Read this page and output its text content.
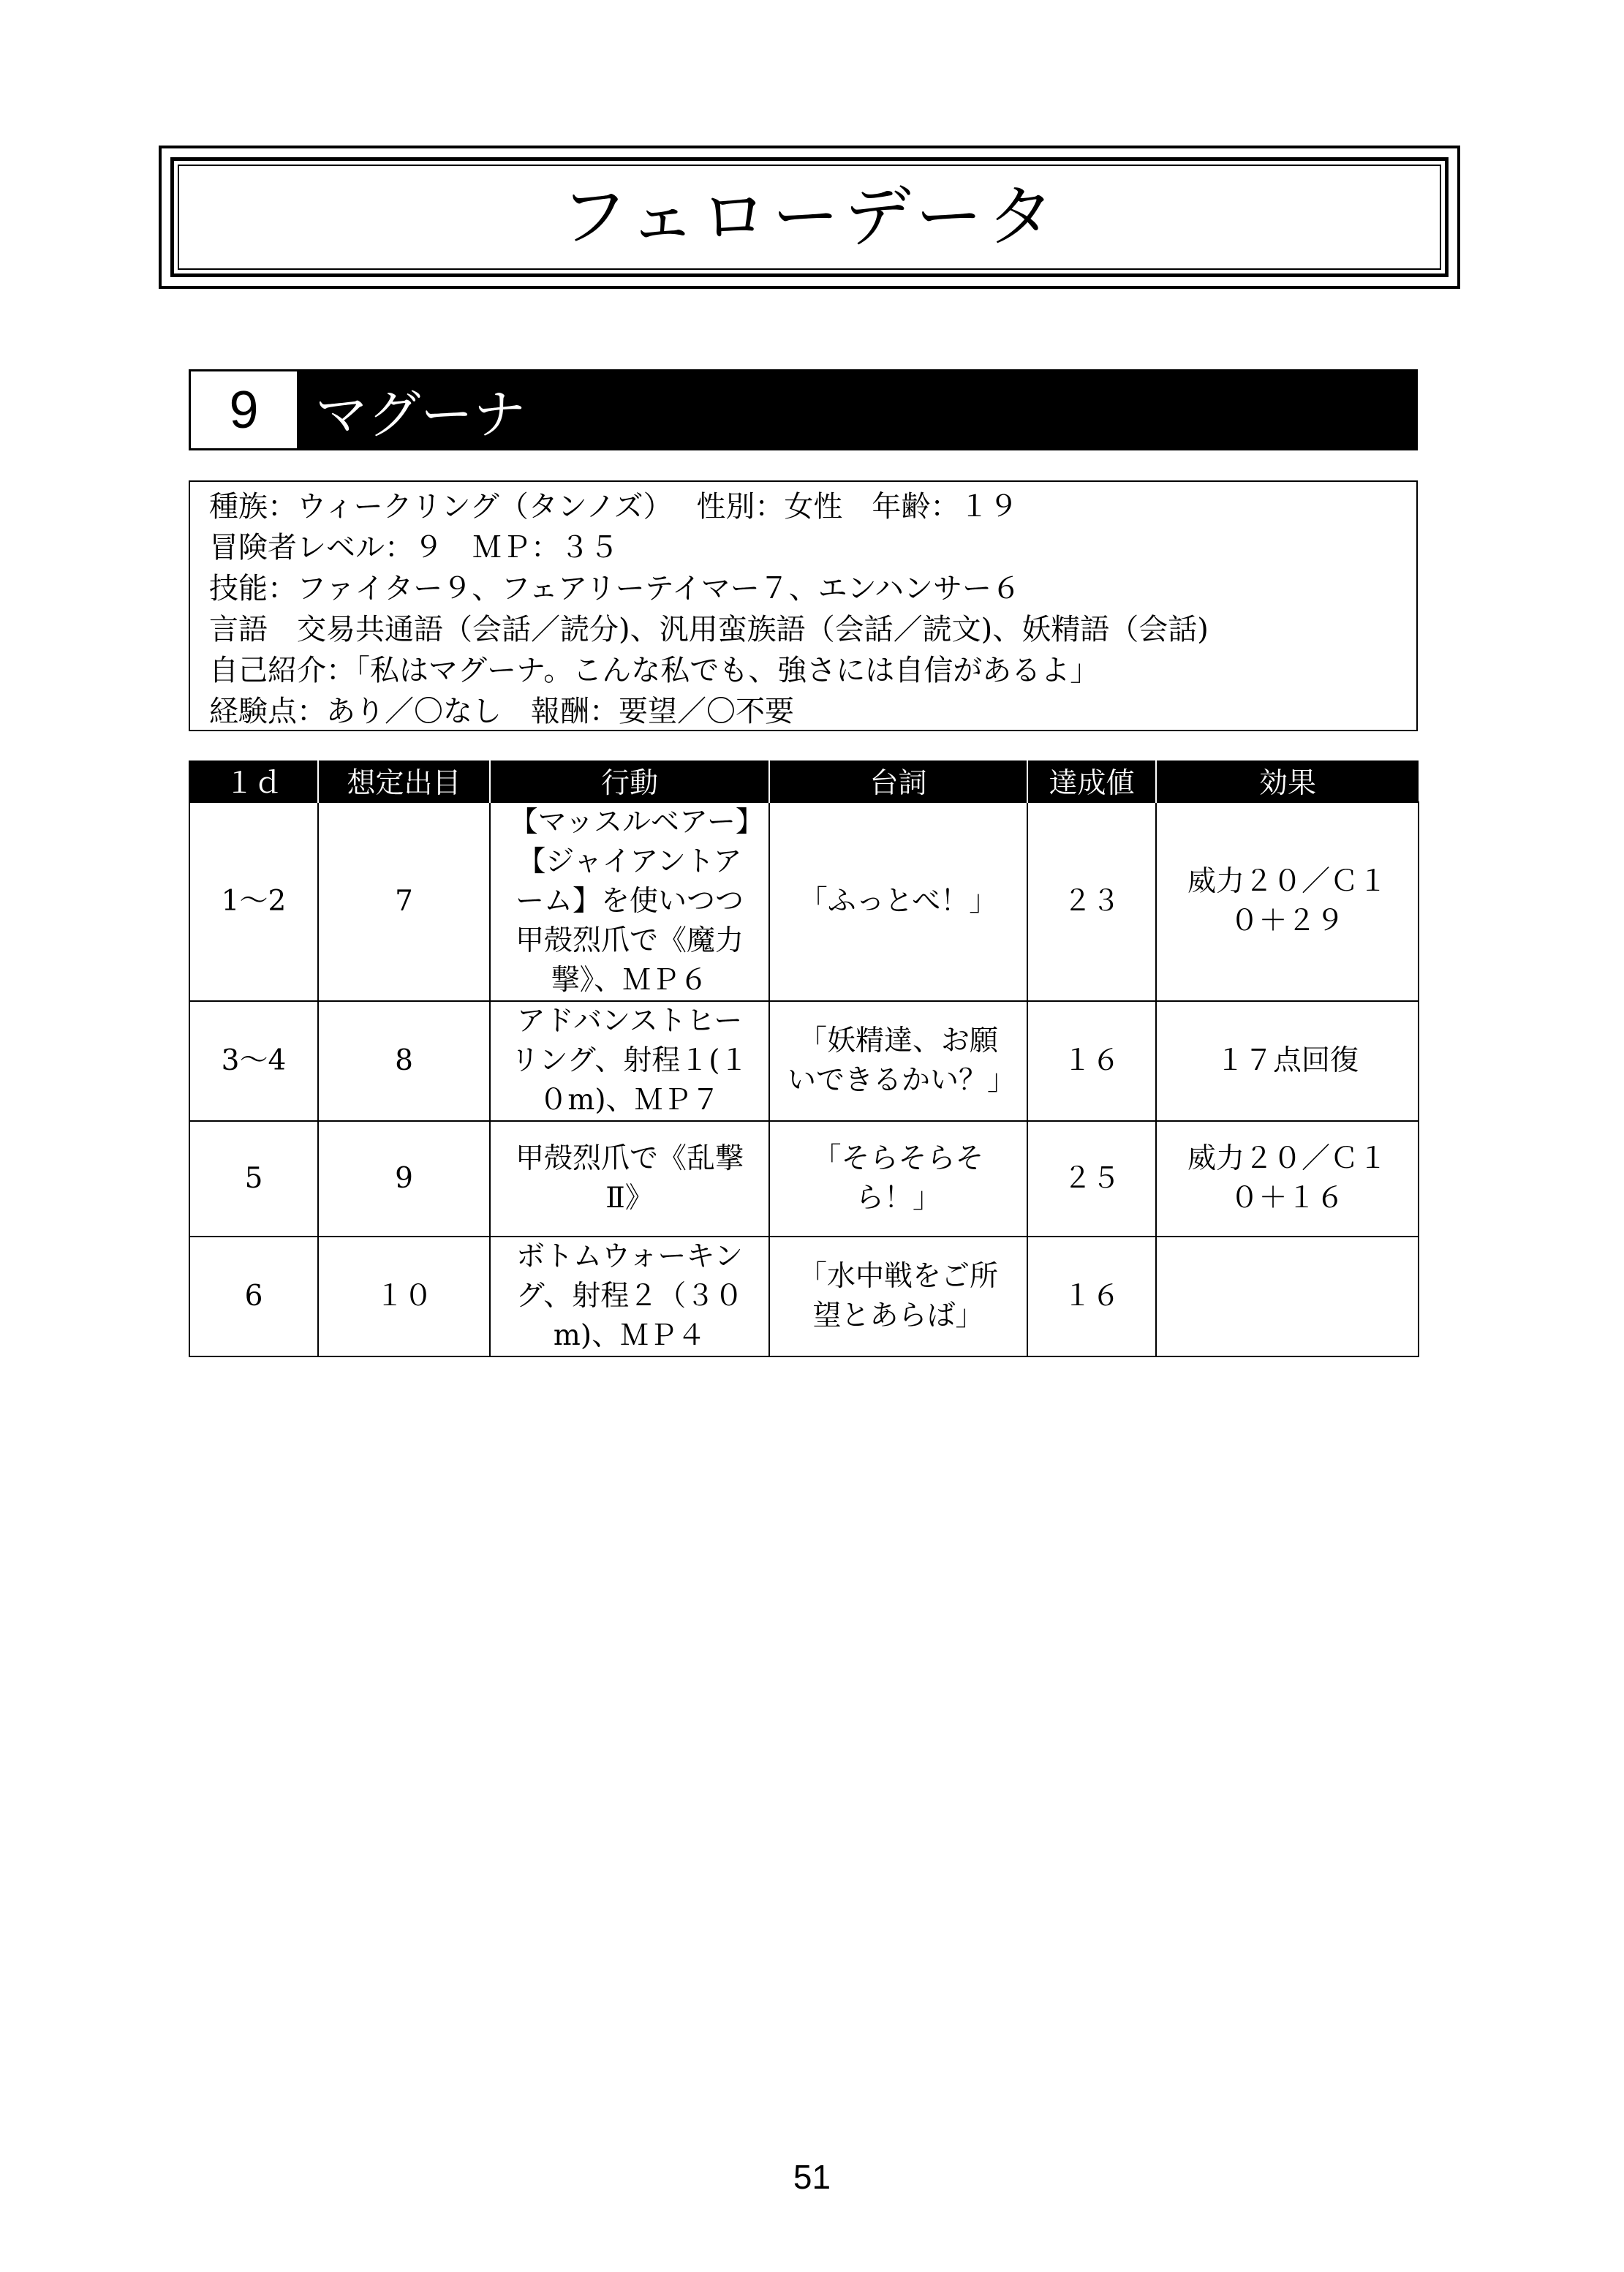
フェローデータ
9	マグーナ
種族：ウィークリング（タンノズ）　 性別：女性　年齢：１９
冒険者レベル：９　ＭＰ：３５
技能：ファイター９、フェアリーテイマー７、エンハンサー６
言語　交易共通語（会話／読分)、汎用蛮族語（会話／読文)、妖精語（会話)
自己紹介：「私はマグーナ。こんな私でも、強さには自信があるよ」
経験点：あり／〇なし　報酬：要望／〇不要
１ｄ	想定出目	行動	台詞	達成値	効果
1〜2	7	【マッスルベアー】【ジャイアントアーム】を使いつつ甲殻烈爪で《魔力撃》、ＭＰ６	「ふっとべ！」	２３	威力２０／Ｃ１０＋２９
3〜4	8	アドバンストヒーリング、射程１(１０m)、ＭＰ７	「妖精達、お願いできるかい？」	１６	１７点回復
5	9	甲殻烈爪で《乱撃Ⅱ》	「そらそらそら！」	２５	威力２０／Ｃ１０＋１６
6	１０	ボトムウォーキング、射程２（３０m)、ＭＰ４	「水中戦をご所望とあらば」	１６	
51
